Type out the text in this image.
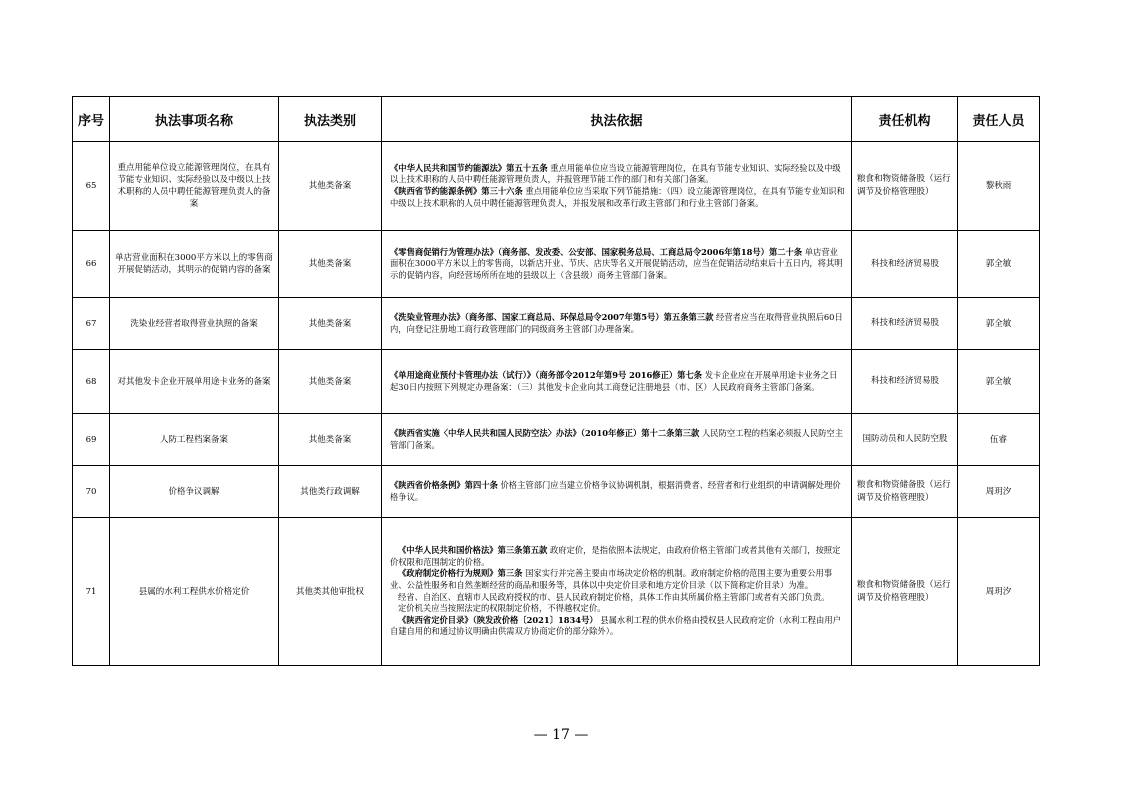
序号	执法事项名称	执法类别	执法依据	责任机构	责任人员
65	重点用能单位设立能源管理岗位，在具有节能专业知识、实际经验以及中级以上技术职称的人员中聘任能源管理负责人的备案	其他类备案	《中华人民共和国节约能源法》第五十五条 重点用能单位应当设立能源管理岗位，在具有节能专业知识、实际经验以及中级以上技术职称的人员中聘任能源管理负责人，并报管理节能工作的部门和有关部门备案。
《陕西省节约能源条例》第三十六条 重点用能单位应当采取下列节能措施：（四）设立能源管理岗位，在具有节能专业知识和中级以上技术职称的人员中聘任能源管理负责人，并报发展和改革行政主管部门和行业主管部门备案。	粮食和物资储备股（运行调节及价格管理股）	黎秋雨
66	单店营业面积在3000平方米以上的零售商开展促销活动，其明示的促销内容的备案	其他类备案	《零售商促销行为管理办法》（商务部、发改委、公安部、国家税务总局、工商总局令2006年第18号）第二十条 单店营业面积在3000平方米以上的零售商，以新店开业、节庆、店庆等名义开展促销活动，应当在促销活动结束后十五日内，将其明示的促销内容，向经营场所所在地的县级以上（含县级）商务主管部门备案。	科技和经济贸易股	郭全敏
67	洗染业经营者取得营业执照的备案	其他类备案	《洗染业管理办法》（商务部、国家工商总局、环保总局令2007年第5号）第五条第三款 经营者应当在取得营业执照后60日内，向登记注册地工商行政管理部门的同级商务主管部门办理备案。	科技和经济贸易股	郭全敏
68	对其他发卡企业开展单用途卡业务的备案	其他类备案	《单用途商业预付卡管理办法（试行）》（商务部令2012年第9号 2016修正）第七条 发卡企业应在开展单用途卡业务之日起30日内按照下列规定办理备案：（三）其他发卡企业向其工商登记注册地县（市、区）人民政府商务主管部门备案。	科技和经济贸易股	郭全敏
69	人防工程档案备案	其他类备案	《陕西省实施〈中华人民共和国人民防空法〉办法》（2010年修正）第十二条第三款 人民防空工程的档案必须报人民防空主管部门备案。	国防动员和人民防空股	伍睿
70	价格争议调解	其他类行政调解	《陕西省价格条例》第四十条 价格主管部门应当建立价格争议协调机制，根据消费者、经营者和行业组织的申请调解处理价格争议。	粮食和物资储备股（运行调节及价格管理股）	周玥汐
71	县属的水利工程供水价格定价	其他类其他审批权	《中华人民共和国价格法》第三条第五款 政府定价，是指依照本法规定，由政府价格主管部门或者其他有关部门，按照定价权限和范围制定的价格。
《政府制定价格行为规则》第三条 国家实行并完善主要由市场决定价格的机制。政府制定价格的范围主要为重要公用事业、公益性服务和自然垄断经营的商品和服务等，具体以中央定价目录和地方定价目录（以下简称定价目录）为准。
经省、自治区、直辖市人民政府授权的市、县人民政府制定价格，具体工作由其所属价格主管部门或者有关部门负责。
定价机关应当按照法定的权限制定价格，不得越权定价。
《陕西省定价目录》（陕发改价格〔2021〕1834号） 县属水利工程的供水价格由授权县人民政府定价（水利工程由用户自建自用的和通过协议明确由供需双方协商定价的部分除外）。	粮食和物资储备股（运行调节及价格管理股）	周玥汐
— 17 —
